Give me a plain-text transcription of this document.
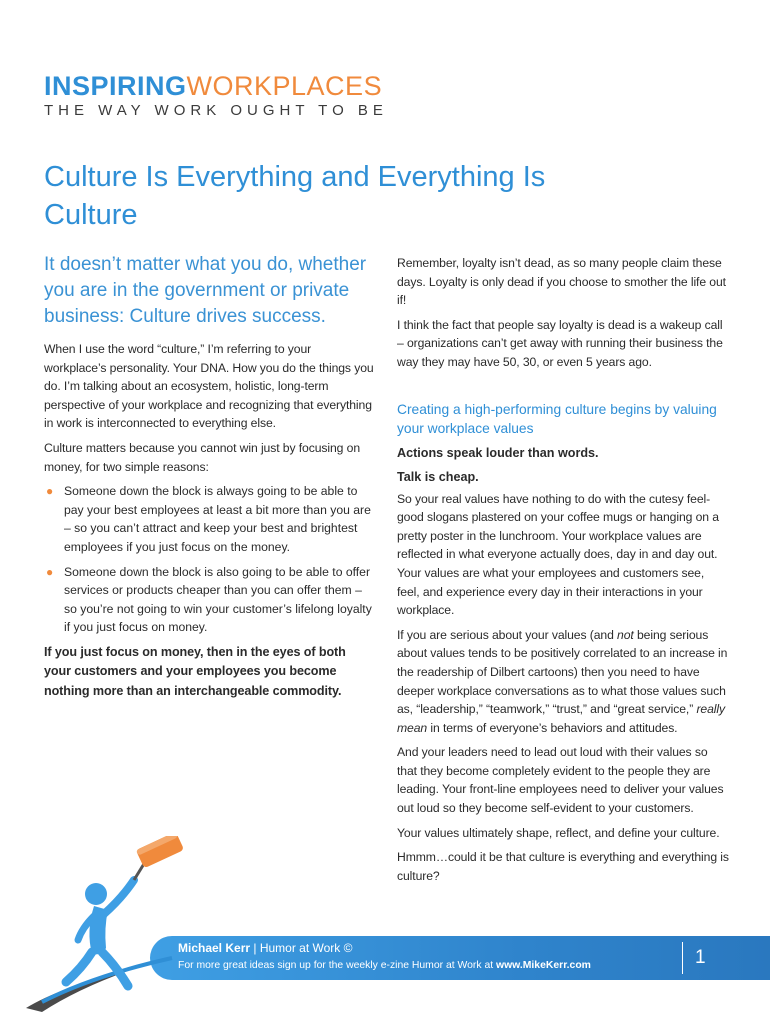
INSPIRINGWORKPLACES
THE WAY WORK OUGHT TO BE
Culture Is Everything and Everything Is Culture
It doesn’t matter what you do, whether you are in the government or private business: Culture drives success.

When I use the word “culture,” I’m referring to your workplace’s personality. Your DNA. How you do the things you do. I’m talking about an ecosystem, holistic, long-term perspective of your workplace and recognizing that everything in work is interconnected to everything else.

Culture matters because you cannot win just by focusing on money, for two simple reasons:

● Someone down the block is always going to be able to pay your best employees at least a bit more than you are – so you can’t attract and keep your best and brightest employees if you just focus on the money.
● Someone down the block is also going to be able to offer services or products cheaper than you can offer them – so you’re not going to win your customer’s lifelong loyalty if you just focus on money.

If you just focus on money, then in the eyes of both your customers and your employees you become nothing more than an interchangeable commodity.

Remember, loyalty isn’t dead, as so many people claim these days. Loyalty is only dead if you choose to smother the life out if!

I think the fact that people say loyalty is dead is a wakeup call – organizations can’t get away with running their business the way they may have 50, 30, or even 5 years ago.

Creating a high-performing culture begins by valuing your workplace values
Actions speak louder than words.
Talk is cheap.

So your real values have nothing to do with the cutesy feel-good slogans plastered on your coffee mugs or hanging on a pretty poster in the lunchroom. Your workplace values are reflected in what everyone actually does, day in and day out. Your values are what your employees and customers see, feel, and experience every day in their interactions in your workplace.

If you are serious about your values (and not being serious about values tends to be positively correlated to an increase in the readership of Dilbert cartoons) then you need to have deeper workplace conversations as to what those values such as, “leadership,” “teamwork,” “trust,” and “great service,” really mean in terms of everyone’s behaviors and attitudes.

And your leaders need to lead out loud with their values so that they become completely evident to the people they are leading. Your front-line employees need to deliver your values out loud so they become self-evident to your customers.

Your values ultimately shape, reflect, and define your culture.

Hmmm…could it be that culture is everything and everything is culture?

Michael Kerr | Humor at Work ©
For more great ideas sign up for the weekly e-zine Humor at Work at www.MikeKerr.com	1
